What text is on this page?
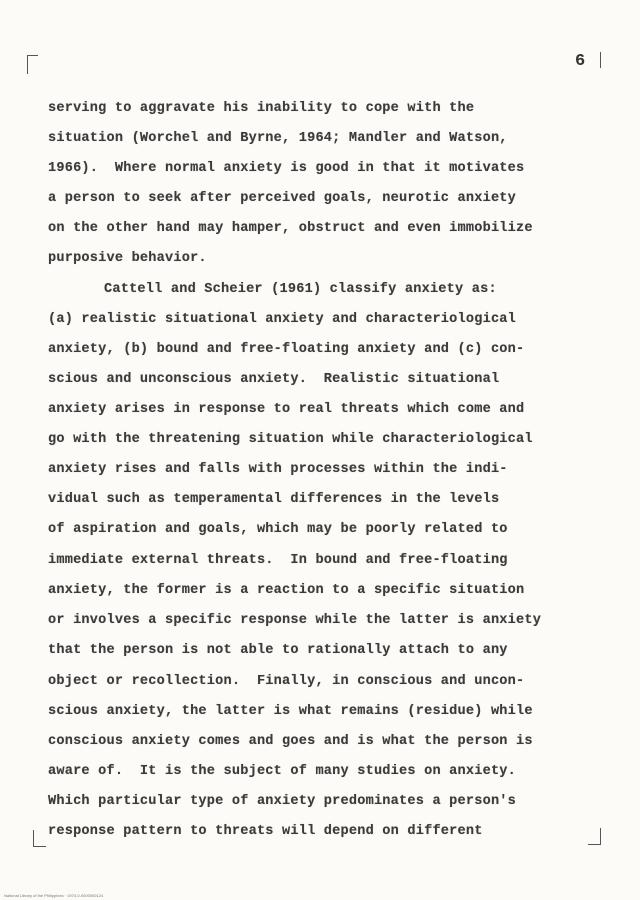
6
serving to aggravate his inability to cope with the
situation (Worchel and Byrne, 1964; Mandler and Watson,
1966).  Where normal anxiety is good in that it motivates
a person to seek after perceived goals, neurotic anxiety
on the other hand may hamper, obstruct and even immobilize
purposive behavior.
Cattell and Scheier (1961) classify anxiety as:
(a) realistic situational anxiety and characteriological
anxiety, (b) bound and free-floating anxiety and (c) con-
scious and unconscious anxiety.  Realistic situational
anxiety arises in response to real threats which come and
go with the threatening situation while characteriological
anxiety rises and falls with processes within the indi-
vidual such as temperamental differences in the levels
of aspiration and goals, which may be poorly related to
immediate external threats.  In bound and free-floating
anxiety, the former is a reaction to a specific situation
or involves a specific response while the latter is anxiety
that the person is not able to rationally attach to any
object or recollection.  Finally, in conscious and uncon-
scious anxiety, the latter is what remains (residue) while
conscious anxiety comes and goes and is what the person is
aware of.  It is the subject of many studies on anxiety.
Which particular type of anxiety predominates a person's
response pattern to threats will depend on different
National Library of the Philippines · 1970-0-0000000124
